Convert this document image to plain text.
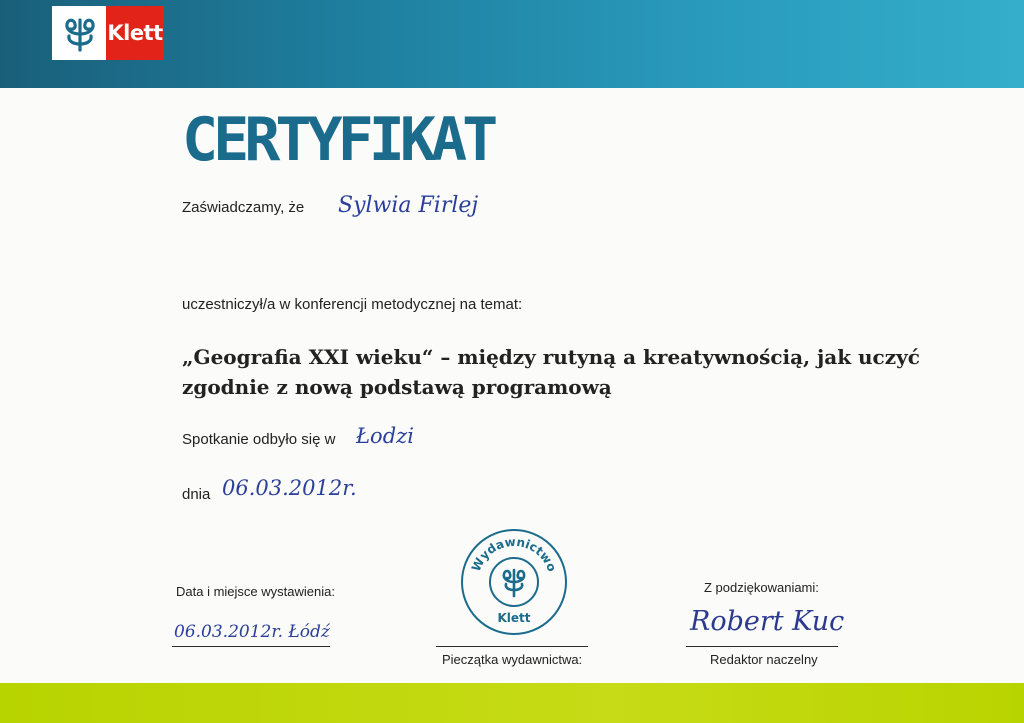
Klett
CERTYFIKAT
Zaświadczamy, że Sylwia Firlej
uczestniczył/a w konferencji metodycznej na temat:
„Geografia XXI wieku“ – między rutyną a kreatywnością, jak uczyć zgodnie z nową podstawą programową
Spotkanie odbyło się w Łodzi
dnia 06.03.2012r.
Data i miejsce wystawienia:
06.03.2012r. Łódź
Wydawnictwo
Klett
Pieczątka wydawnictwa:
Z podziękowaniami:
Robert Kuc
Redaktor naczelny
